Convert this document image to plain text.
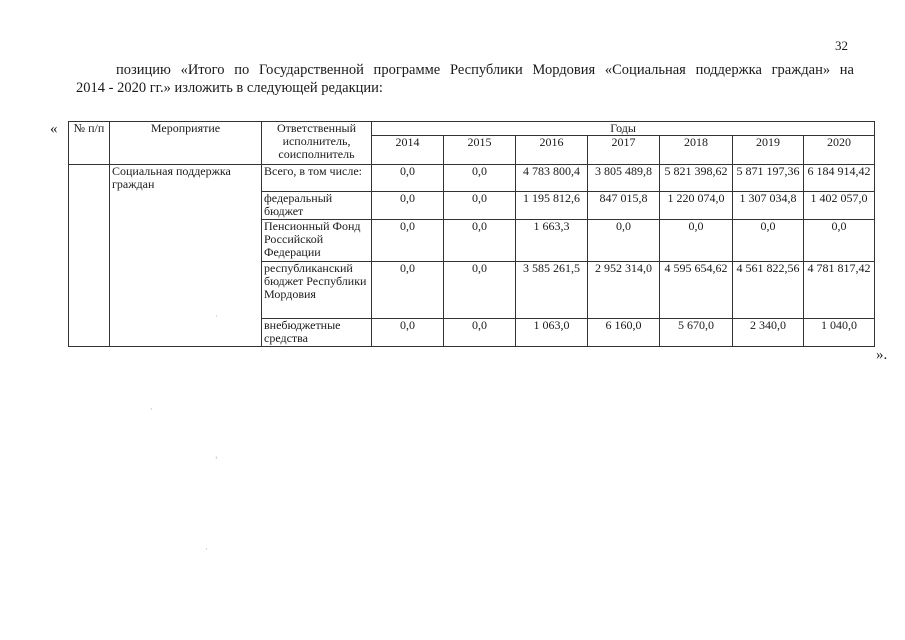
32
позицию «Итого по Государственной программе Республики Мордовия «Социальная поддержка граждан» на
2014 - 2020 гг.» изложить в следующей редакции:
« № п/п	Мероприятие	Ответственный исполнитель, соисполнитель	Годы						
			2014	2015	2016	2017	2018	2019	2020
	Социальная поддержка граждан	Всего, в том числе:	0,0	0,0	4 783 800,4	3 805 489,8	5 821 398,62	5 871 197,36	6 184 914,42
		федеральный бюджет	0,0	0,0	1 195 812,6	847 015,8	1 220 074,0	1 307 034,8	1 402 057,0
		Пенсионный Фонд Российской Федерации	0,0	0,0	1 663,3	0,0	0,0	0,0	0,0
		республиканский бюджет Республики Мордовия	0,0	0,0	3 585 261,5	2 952 314,0	4 595 654,62	4 561 822,56	4 781 817,42
		внебюджетные средства	0,0	0,0	1 063,0	6 160,0	5 670,0	2 340,0	1 040,0
».
‘
·
·
·
